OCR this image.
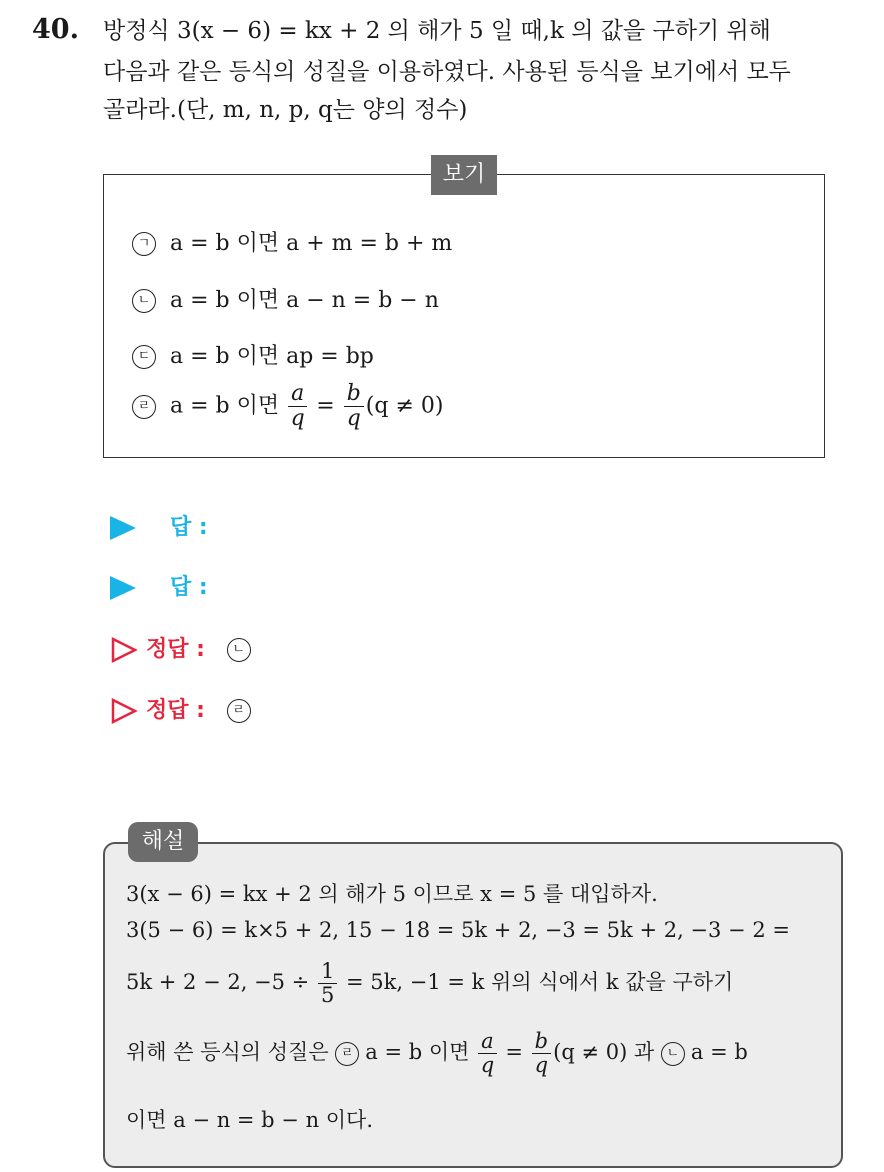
40. 방정식 3(x − 6) = kx + 2 의 해가 5 일 때,k 의 값을 구하기 위해
다음과 같은 등식의 성질을 이용하였다. 사용된 등식을 보기에서 모두
골라라.(단, m, n, p, q는 양의 정수)
보기
ㄱ a = b 이면 a + m = b + m
ㄴ a = b 이면 a − n = b − n
ㄷ a = b 이면 ap = bp
ㄹ a = b 이면 $\frac{a}{q} = \frac{b}{q} (q \ne 0)$
답 :
답 :
정답 : ㄴ
정답 : ㄹ
해설
3(x − 6) = kx + 2 의 해가 5 이므로 x = 5 를 대입하자.
3(5 − 6) = k×5 + 2, 15 − 18 = 5k + 2, −3 = 5k + 2, −3 − 2 =
5k + 2 − 2, $-5 \div \frac{1}{5} = 5k$, −1 = k 위의 식에서 k 값을 구하기
위해 쓴 등식의 성질은 ㄹ a = b 이면 $\frac{a}{q} = \frac{b}{q} (q \ne 0)$ 과 ㄴ a = b
이면 a − n = b − n 이다.
